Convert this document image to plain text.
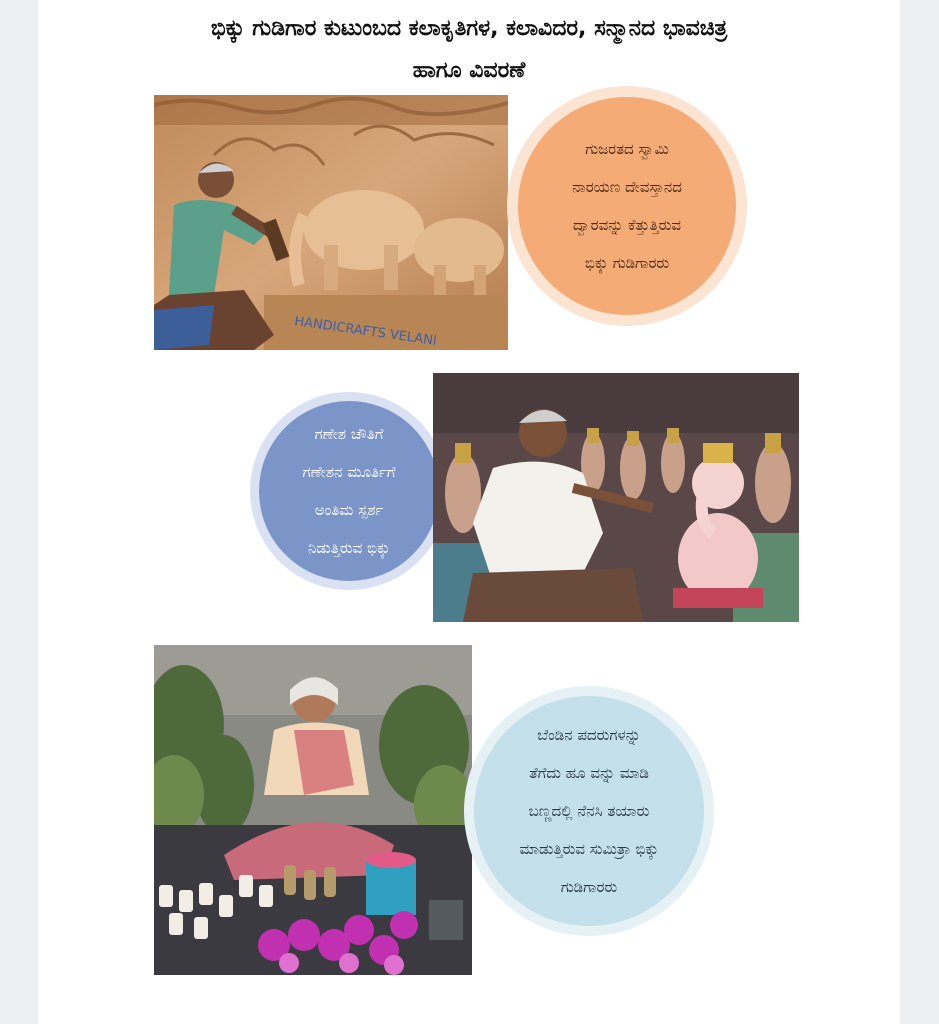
ಭಿಕ್ಕು ಗುಡಿಗಾರ ಕುಟುಂಬದ ಕಲಾಕೃತಿಗಳ, ಕಲಾವಿದರ, ಸನ್ಮಾನದ ಭಾವಚಿತ್ರ
ಹಾಗೂ ವಿವರಣೆ
HANDICRAFTS VELANI
ಗುಜರತದ ಸ್ವಾಮಿ
ನಾರಯಣ ದೇವಸ್ತಾನದ
ದ್ವಾರವನ್ನು ಕೆತ್ತುತ್ತಿರುವ
ಭಿಕ್ಕು ಗುಡಿಗಾರರು
ಗಣೇಶ ಚೌತಿಗೆ
ಗಣೇಶನ ಮೂರ್ತಿಗೆ
ಅಂತಿಮ ಸ್ಪರ್ಶ
ನಿಡುತ್ತಿರುವ ಭಿಕ್ಕು
ಬೆಂಡಿನ ಪದರುಗಳನ್ನು
ತೆಗೆದು ಹೂ ವನ್ನು ಮಾಡಿ
ಬಣ್ಣದಲ್ಲಿ ನೆನಸಿ ತಯಾರು
ಮಾಡುತ್ತಿರುವ ಸುಮಿತ್ರಾ ಭಿಕ್ಕು
ಗುಡಿಗಾರರು
